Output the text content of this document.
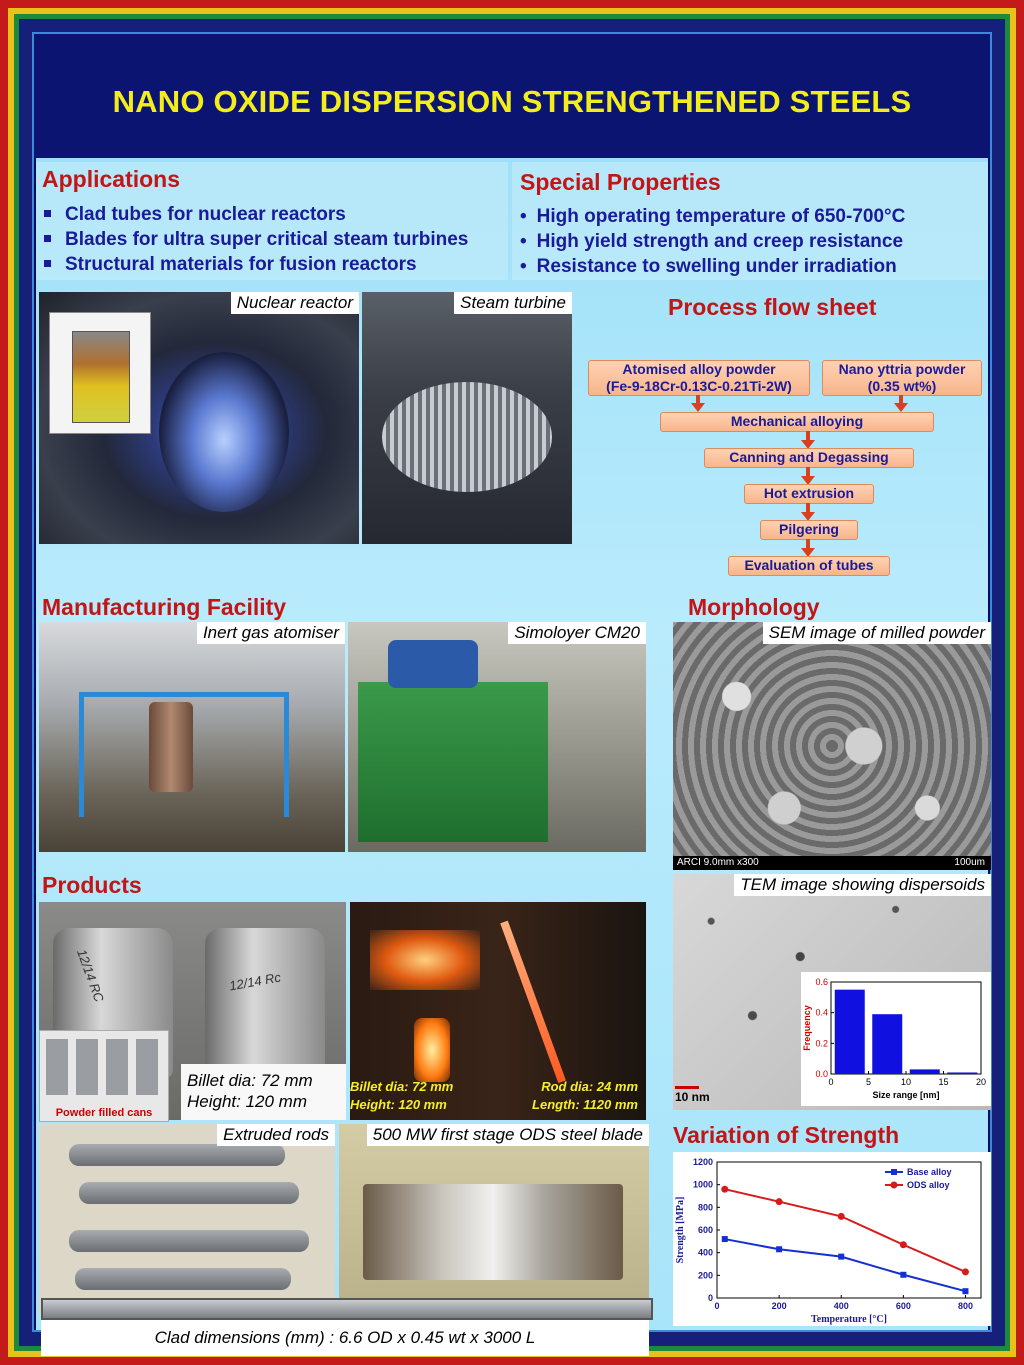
NANO OXIDE DISPERSION STRENGTHENED STEELS
Applications
Clad tubes for nuclear reactors
Blades for ultra super critical steam turbines
Structural materials for fusion reactors
Special Properties
• High operating temperature of 650-700°C
• High yield strength and creep resistance
• Resistance to swelling under irradiation
Nuclear reactor	Steam turbine	Process flow sheet
Atomised alloy powder
(Fe-9-18Cr-0.13C-0.21Ti-2W)
Nano yttria powder
(0.35 wt%)
Mechanical alloying
Canning and Degassing
Hot extrusion
Pilgering
Evaluation of tubes
Manufacturing Facility
Inert gas atomiser	Simoloyer CM20
Morphology
SEM image of milled powder
ARCI 9.0mm x300	100um
TEM image showing dispersoids
10 nm
0.0
0.2
0.4
0.6
0	5	10	15	20
Size range [nm]
Frequency
Products
12/14 RC	12/14 Rc
Powder filled cans
Billet dia: 72 mm
Height: 120 mm
Billet dia: 72 mm
Height: 120 mm
Rod dia: 24 mm
Length: 1120 mm
Extruded rods	500 MW first stage ODS steel blade
Clad dimensions (mm) : 6.6 OD x 0.45 wt x 3000 L
Variation of Strength
0
200
400
600
800
1000
1200
0	200	400	600	800
Base alloy
ODS alloy
Temperature [°C]
Strength [MPa]
